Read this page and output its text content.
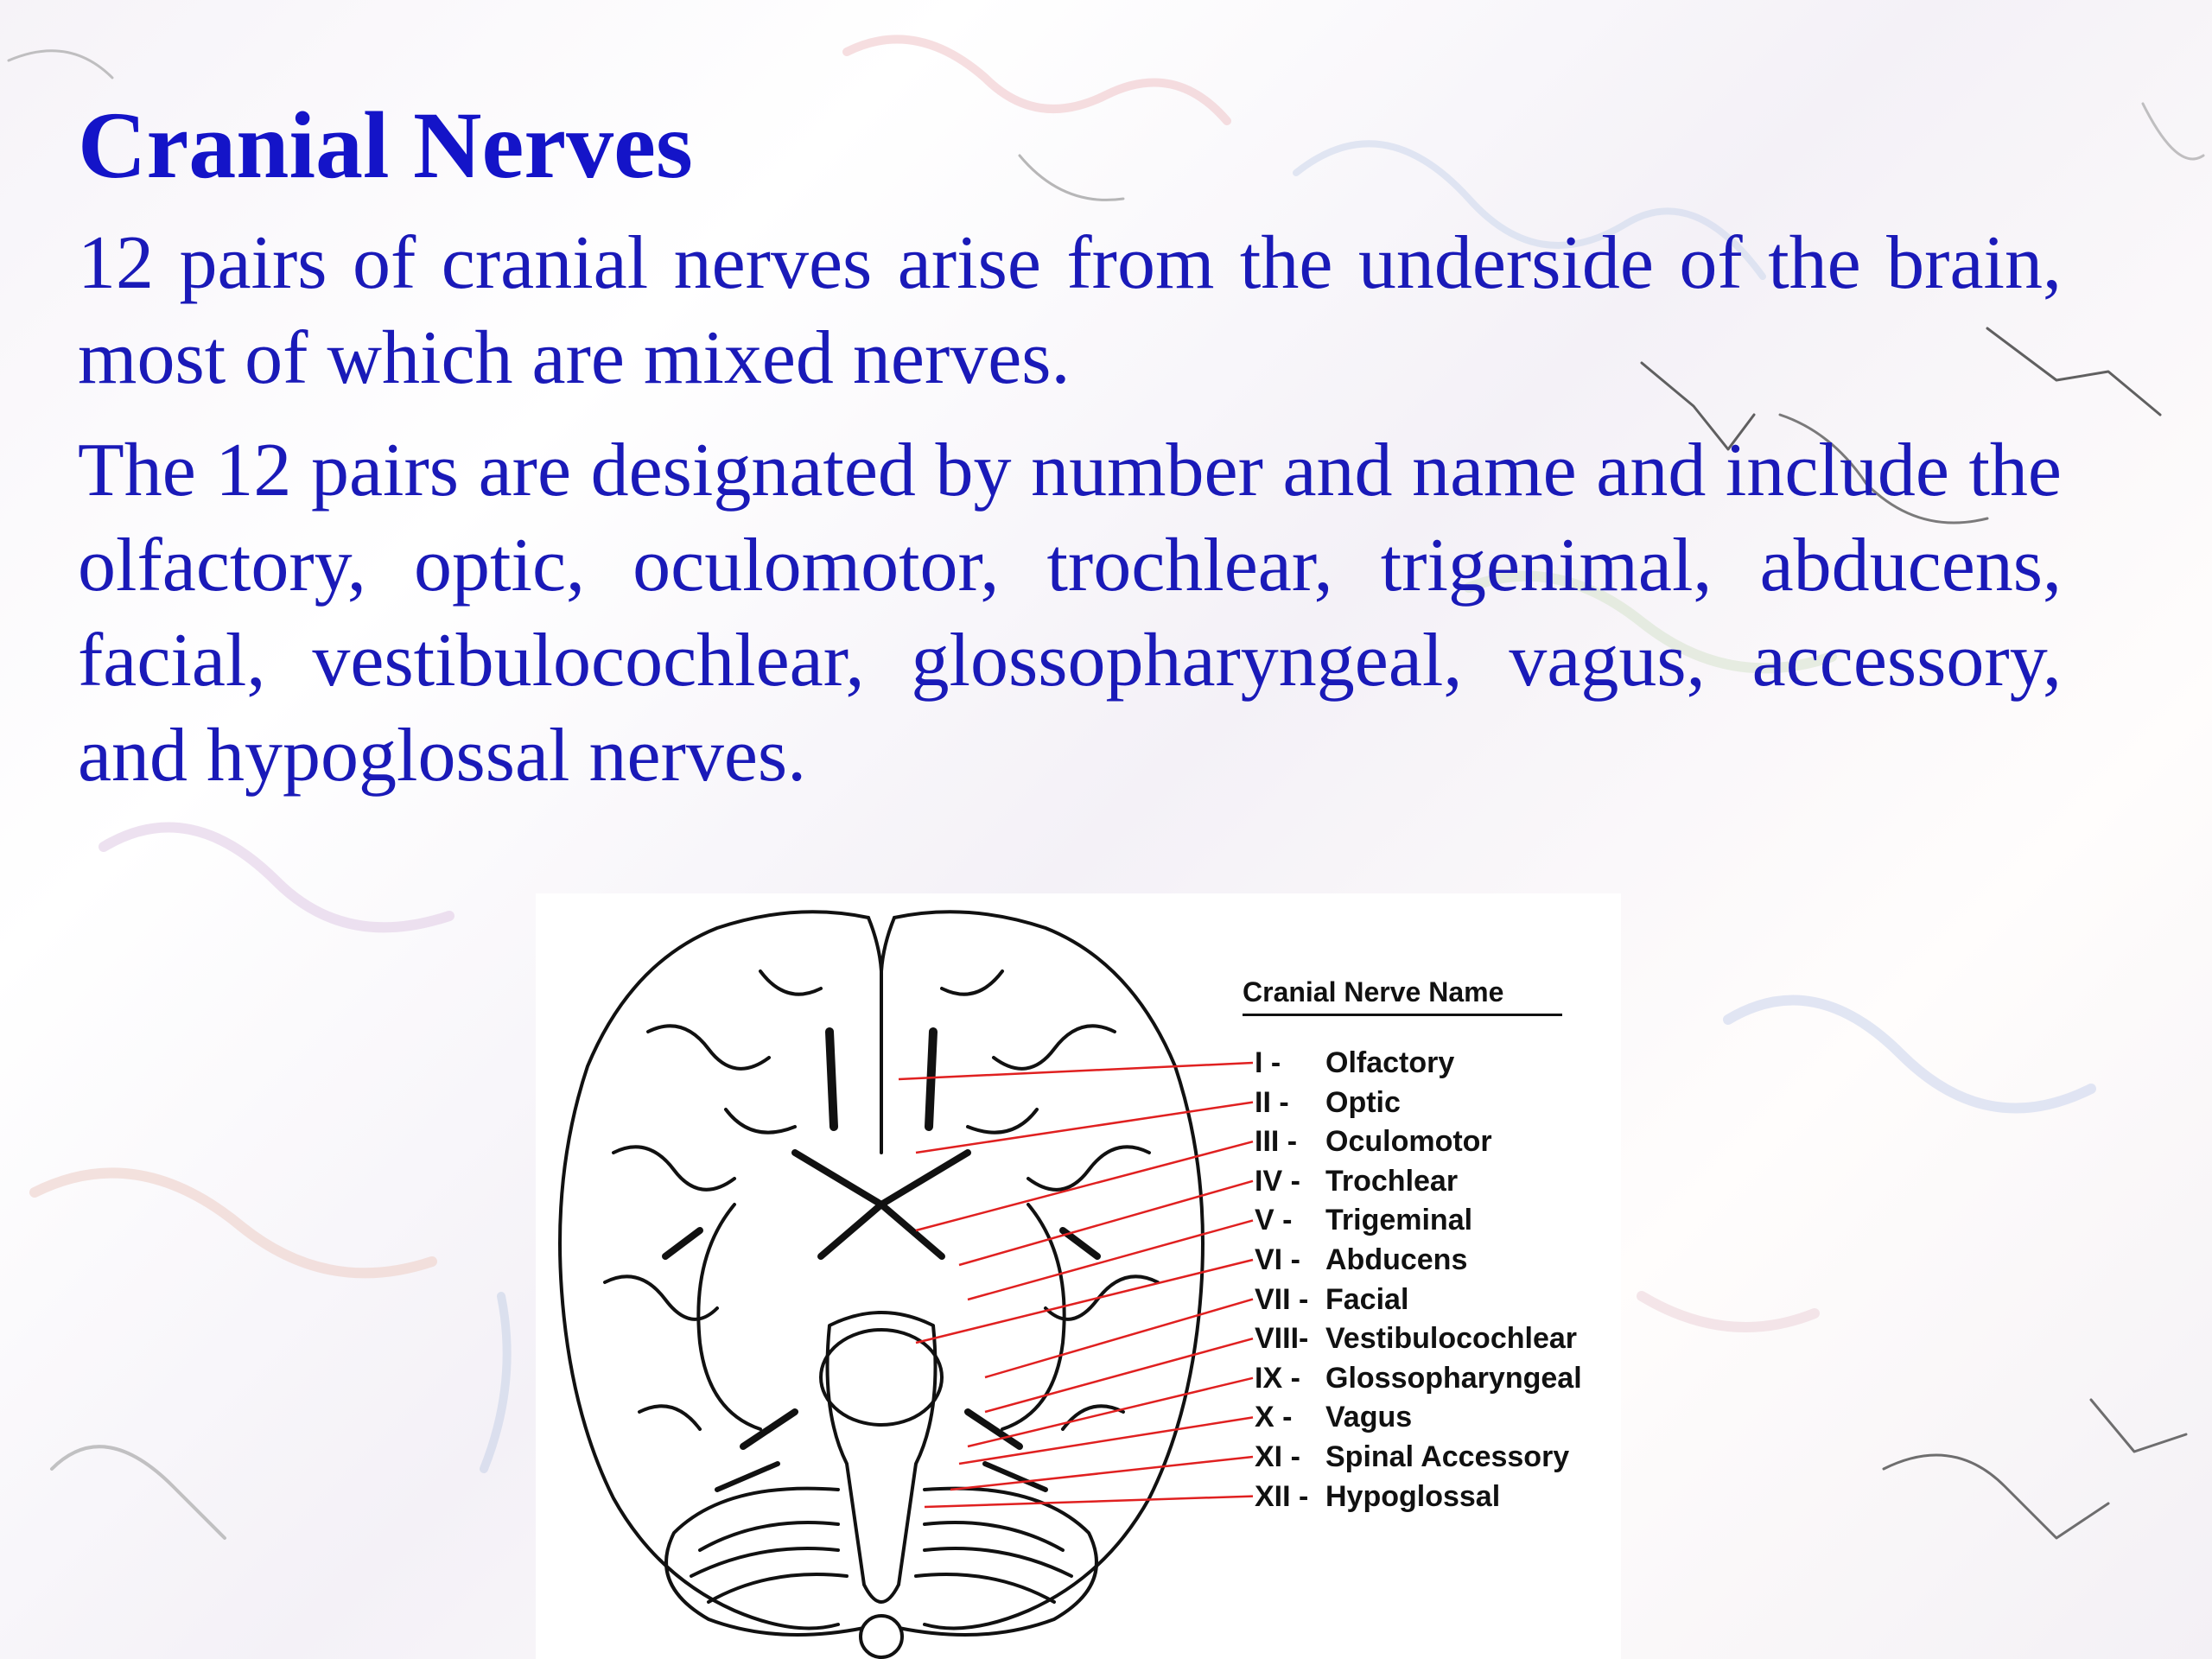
Cranial Nerves

12 pairs of cranial nerves arise from the underside of the brain, most of which are mixed nerves.

The 12 pairs are designated by number and name and include the olfactory, optic, oculomotor, trochlear, trigenimal, abducens, facial, vestibulocochlear, glossopharyngeal, vagus, accessory, and hypoglossal nerves.

Cranial Nerve Name
I - Olfactory
II - Optic
III - Oculomotor
IV - Trochlear
V - Trigeminal
VI - Abducens
VII - Facial
VIII- Vestibulocochlear
IX - Glossopharyngeal
X - Vagus
XI - Spinal Accessory
XII - Hypoglossal
